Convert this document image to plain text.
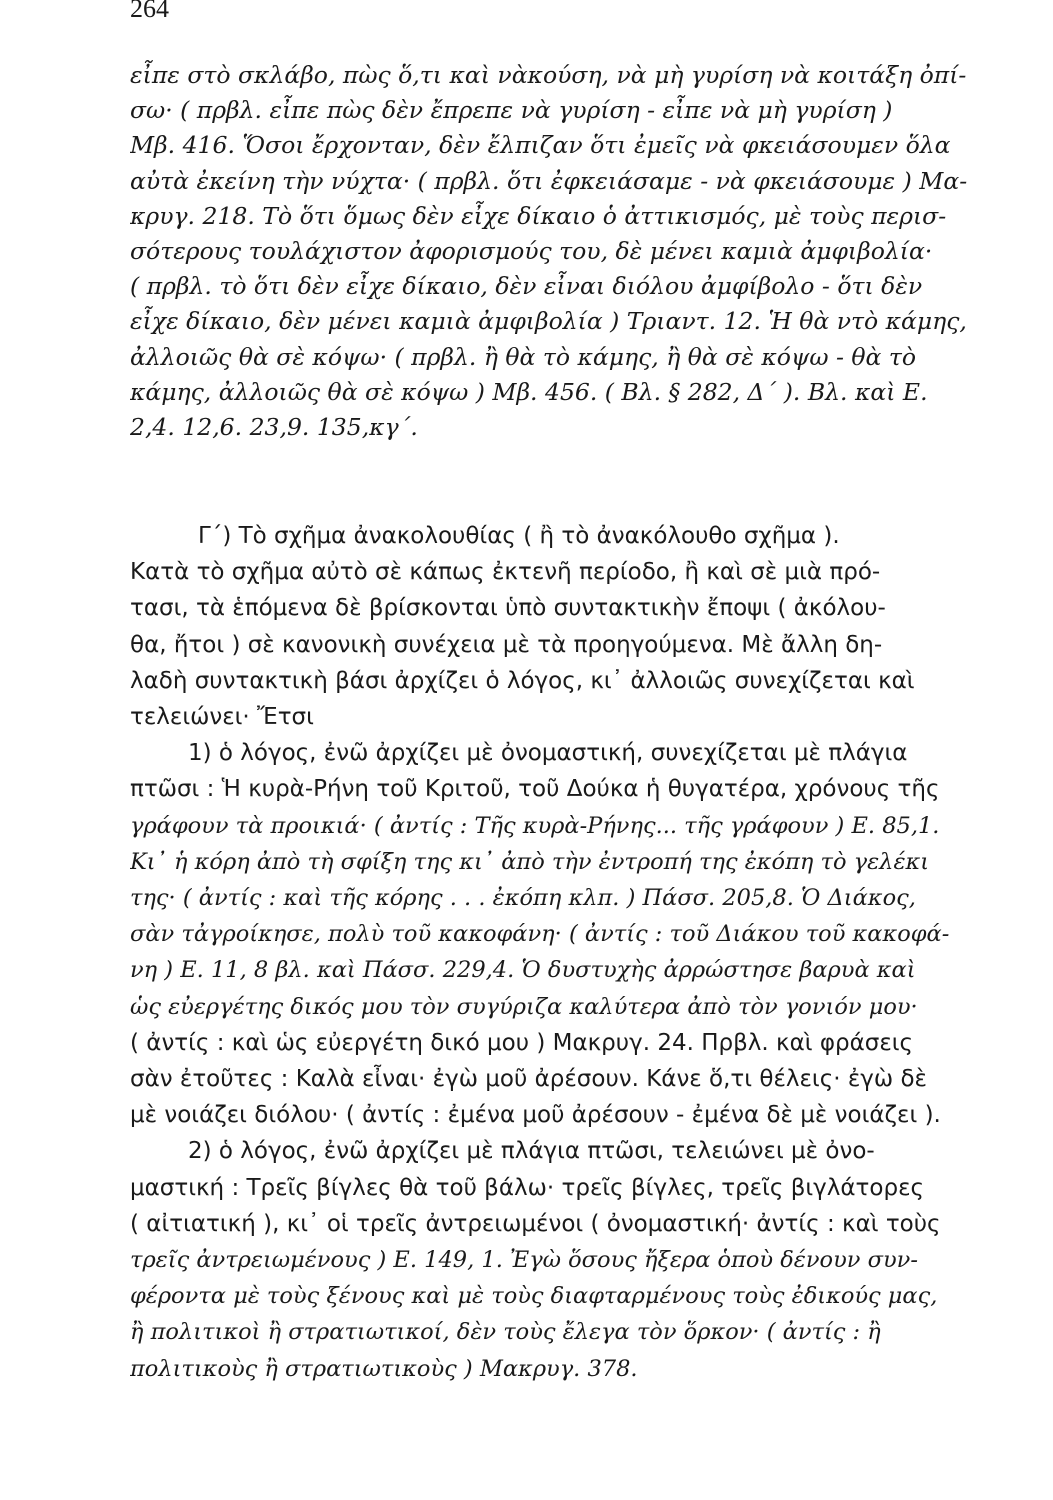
264
εἶπε στὸ σκλάβο, πὼς ὅ,τι καὶ νὰκούση, νὰ μὴ γυρίση νὰ κοιτάξη ὀπί-
σω· ( πρβλ. εἶπε πὼς δὲν ἔπρεπε νὰ γυρίση - εἶπε νὰ μὴ γυρίση )
Μβ. 416. Ὅσοι ἔρχονταν, δὲν ἔλπιζαν ὅτι ἐμεῖς νὰ φκειάσουμεν ὅλα
αὐτὰ ἐκείνη τὴν νύχτα· ( πρβλ. ὅτι ἐφκειάσαμε - νὰ φκειάσουμε ) Μα-
κρυγ. 218. Τὸ ὅτι ὅμως δὲν εἶχε δίκαιο ὁ ἀττικισμός, μὲ τοὺς περισ-
σότερους τουλάχιστον ἀφορισμούς του, δὲ μένει καμιὰ ἀμφιβολία·
( πρβλ. τὸ ὅτι δὲν εἶχε δίκαιο, δὲν εἶναι διόλου ἀμφίβολο - ὅτι δὲν
εἶχε δίκαιο, δὲν μένει καμιὰ ἀμφιβολία ) Τριαντ. 12. Ἡ θὰ ντὸ κάμης,
ἀλλοιῶς θὰ σὲ κόψω· ( πρβλ. ἢ θὰ τὸ κάμης, ἢ θὰ σὲ κόψω - θὰ τὸ
κάμης, ἀλλοιῶς θὰ σὲ κόψω ) Μβ. 456. ( Βλ. § 282, Δ΄ ). Βλ. καὶ Ε.
2,4. 12,6. 23,9. 135,κγ΄.
Γ΄) Τὸ σχῆμα ἀνακολουθίας ( ἢ τὸ ἀνακόλουθο σχῆμα ).
Κατὰ τὸ σχῆμα αὐτὸ σὲ κάπως ἐκτενῆ περίοδο, ἢ καὶ σὲ μιὰ πρό-
τασι, τὰ ἑπόμενα δὲ βρίσκονται ὑπὸ συντακτικὴν ἔποψι ( ἀκόλου-
θα, ἤτοι ) σὲ κανονικὴ συνέχεια μὲ τὰ προηγούμενα. Μὲ ἄλλη δη-
λαδὴ συντακτικὴ βάσι ἀρχίζει ὁ λόγος, κι᾿ ἀλλοιῶς συνεχίζεται καὶ
τελειώνει· Ἔτσι
1) ὁ λόγος, ἐνῶ ἀρχίζει μὲ ὀνομαστική, συνεχίζεται μὲ πλάγια
πτῶσι : Ἡ κυρὰ-Ρήνη τοῦ Κριτοῦ, τοῦ Δούκα ἡ θυγατέρα, χρόνους τῆς
γράφουν τὰ προικιά· ( ἀντίς : Τῆς κυρὰ-Ρήνης... τῆς γράφουν ) Ε. 85,1.
Κι᾿ ἡ κόρη ἀπὸ τὴ σφίξη της κι᾿ ἀπὸ τὴν ἐντροπή της ἐκόπη τὸ γελέκι
της· ( ἀντίς : καὶ τῆς κόρης . . . ἐκόπη κλπ. ) Πάσσ. 205,8. Ὁ Διάκος,
σὰν τἀγροίκησε, πολὺ τοῦ κακοφάνη· ( ἀντίς : τοῦ Διάκου τοῦ κακοφά-
νη ) Ε. 11, 8 βλ. καὶ Πάσσ. 229,4. Ὁ δυστυχὴς ἀρρώστησε βαρυὰ καὶ
ὡς εὐεργέτης δικός μου τὸν συγύριζα καλύτερα ἀπὸ τὸν γονιόν μου·
( ἀντίς : καὶ ὡς εὐεργέτη δικό μου ) Μακρυγ. 24. Πρβλ. καὶ φράσεις
σὰν ἐτοῦτες : Καλὰ εἶναι· ἐγὼ μοῦ ἀρέσουν. Κάνε ὅ,τι θέλεις· ἐγὼ δὲ
μὲ νοιάζει διόλου· ( ἀντίς : ἐμένα μοῦ ἀρέσουν - ἐμένα δὲ μὲ νοιάζει ).
2) ὁ λόγος, ἐνῶ ἀρχίζει μὲ πλάγια πτῶσι, τελειώνει μὲ ὀνο-
μαστική : Τρεῖς βίγλες θὰ τοῦ βάλω· τρεῖς βίγλες, τρεῖς βιγλάτορες
( αἰτιατική ), κι᾿ οἱ τρεῖς ἀντρειωμένοι ( ὀνομαστική· ἀντίς : καὶ τοὺς
τρεῖς ἀντρειωμένους ) Ε. 149, 1. Ἐγὼ ὅσους ἤξερα ὁποὺ δένουν συν-
φέροντα μὲ τοὺς ξένους καὶ μὲ τοὺς διαφταρμένους τοὺς ἐδικούς μας,
ἢ πολιτικοὶ ἢ στρατιωτικοί, δὲν τοὺς ἔλεγα τὸν ὅρκον· ( ἀντίς : ἢ
πολιτικοὺς ἢ στρατιωτικοὺς ) Μακρυγ. 378.
